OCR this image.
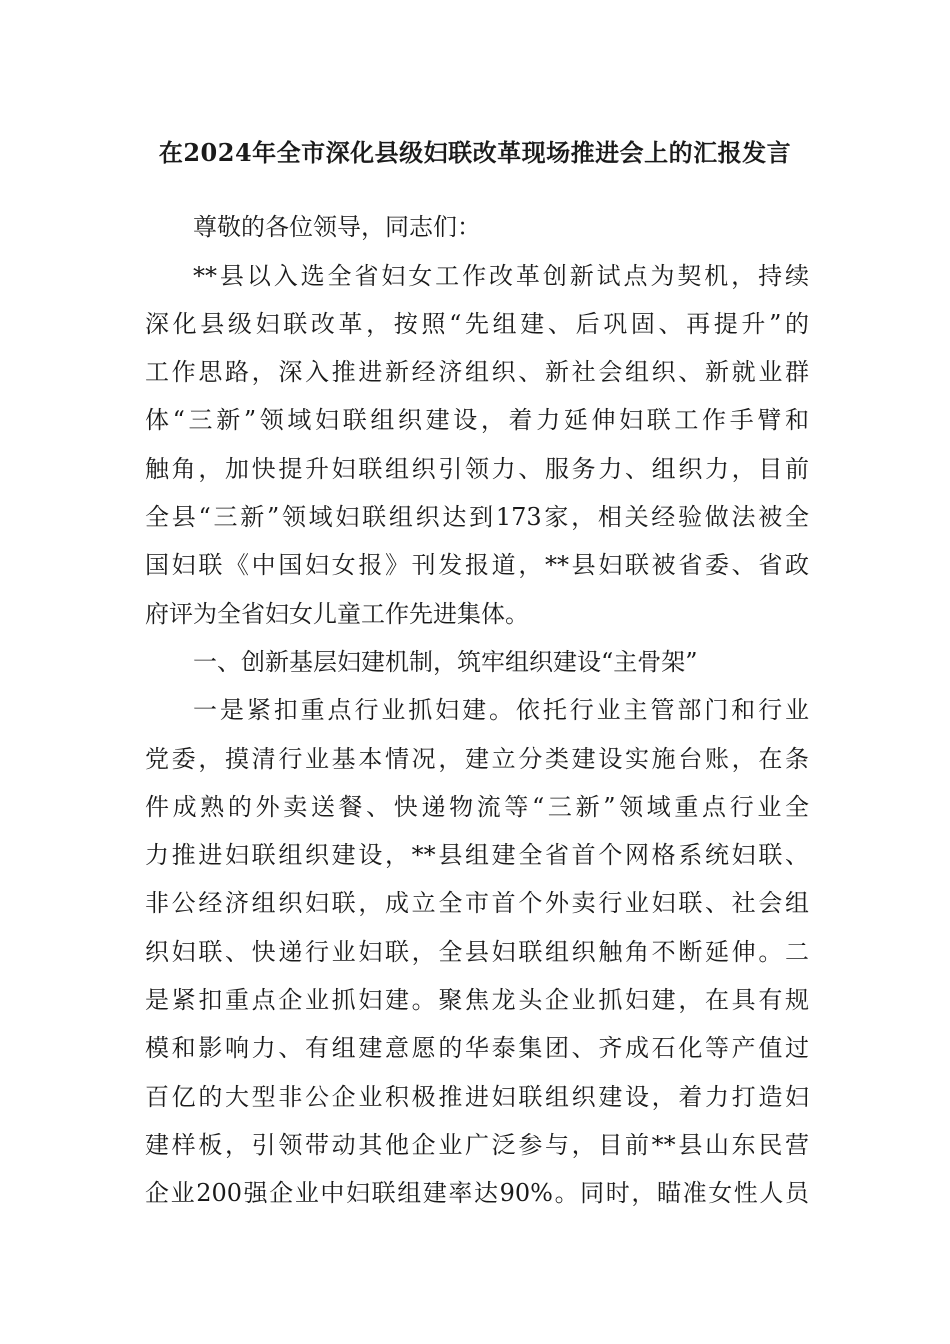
在2024年全市深化县级妇联改革现场推进会上的汇报发言
尊敬的各位领导，同志们：
**县以入选全省妇女工作改革创新试点为契机，持续
深化县级妇联改革，按照“先组建、后巩固、再提升”的
工作思路，深入推进新经济组织、新社会组织、新就业群
体“三新”领域妇联组织建设，着力延伸妇联工作手臂和
触角，加快提升妇联组织引领力、服务力、组织力，目前
全县“三新”领域妇联组织达到173家，相关经验做法被全
国妇联《中国妇女报》刊发报道，**县妇联被省委、省政
府评为全省妇女儿童工作先进集体。
一、创新基层妇建机制，筑牢组织建设“主骨架”
一是紧扣重点行业抓妇建。依托行业主管部门和行业
党委，摸清行业基本情况，建立分类建设实施台账，在条
件成熟的外卖送餐、快递物流等“三新”领域重点行业全
力推进妇联组织建设，**县组建全省首个网格系统妇联、
非公经济组织妇联，成立全市首个外卖行业妇联、社会组
织妇联、快递行业妇联，全县妇联组织触角不断延伸。二
是紧扣重点企业抓妇建。聚焦龙头企业抓妇建，在具有规
模和影响力、有组建意愿的华泰集团、齐成石化等产值过
百亿的大型非公企业积极推进妇联组织建设，着力打造妇
建样板，引领带动其他企业广泛参与，目前**县山东民营
企业200强企业中妇联组建率达90%。同时，瞄准女性人员
